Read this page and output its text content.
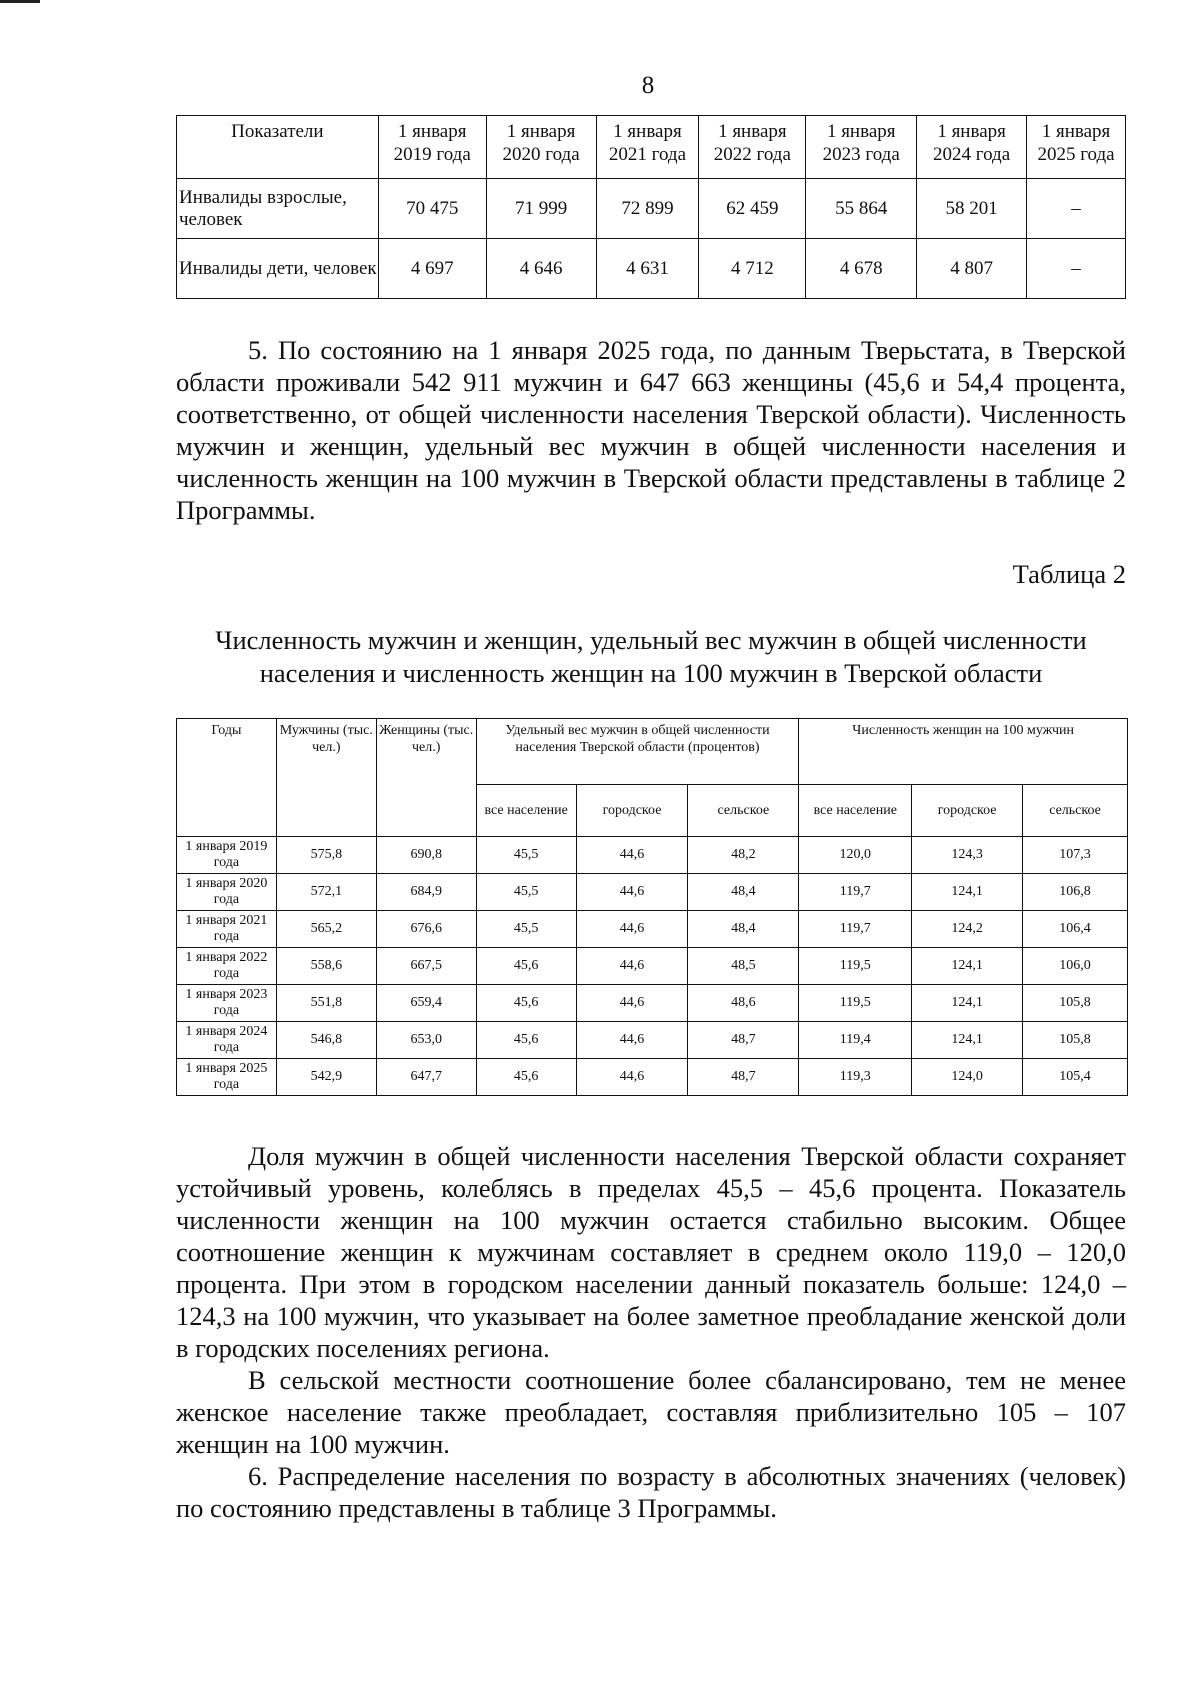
8
Показатели	1 января 2019 года	1 января 2020 года	1 января 2021 года	1 января 2022 года	1 января 2023 года	1 января 2024 года	1 января 2025 года
Инвалиды взрослые, человек	70 475	71 999	72 899	62 459	55 864	58 201	–
Инвалиды дети, человек	4 697	4 646	4 631	4 712	4 678	4 807	–

5. По состоянию на 1 января 2025 года, по данным Тверьстата, в Тверской области проживали 542 911 мужчин и 647 663 женщины (45,6 и 54,4 процента, соответственно, от общей численности населения Тверской области). Численность мужчин и женщин, удельный вес мужчин в общей численности населения и численность женщин на 100 мужчин в Тверской области представлены в таблице 2 Программы.

Таблица 2
Численность мужчин и женщин, удельный вес мужчин в общей численности населения и численность женщин на 100 мужчин в Тверской области
Годы	Мужчины (тыс. чел.)	Женщины (тыс. чел.)	Удельный вес мужчин в общей численности населения Тверской области (процентов)			Численность женщин на 100 мужчин		
			все население	городское	сельское	все население	городское	сельское
1 января 2019 года	575,8	690,8	45,5	44,6	48,2	120,0	124,3	107,3
1 января 2020 года	572,1	684,9	45,5	44,6	48,4	119,7	124,1	106,8
1 января 2021 года	565,2	676,6	45,5	44,6	48,4	119,7	124,2	106,4
1 января 2022 года	558,6	667,5	45,6	44,6	48,5	119,5	124,1	106,0
1 января 2023 года	551,8	659,4	45,6	44,6	48,6	119,5	124,1	105,8
1 января 2024 года	546,8	653,0	45,6	44,6	48,7	119,4	124,1	105,8
1 января 2025 года	542,9	647,7	45,6	44,6	48,7	119,3	124,0	105,4

Доля мужчин в общей численности населения Тверской области сохраняет устойчивый уровень, колеблясь в пределах 45,5 – 45,6 процента. Показатель численности женщин на 100 мужчин остается стабильно высоким. Общее соотношение женщин к мужчинам составляет в среднем около 119,0 – 120,0 процента. При этом в городском населении данный показатель больше: 124,0 – 124,3 на 100 мужчин, что указывает на более заметное преобладание женской доли в городских поселениях региона.

В сельской местности соотношение более сбалансировано, тем не менее женское население также преобладает, составляя приблизительно 105 – 107 женщин на 100 мужчин.

6. Распределение населения по возрасту в абсолютных значениях (человек) по состоянию представлены в таблице 3 Программы.
